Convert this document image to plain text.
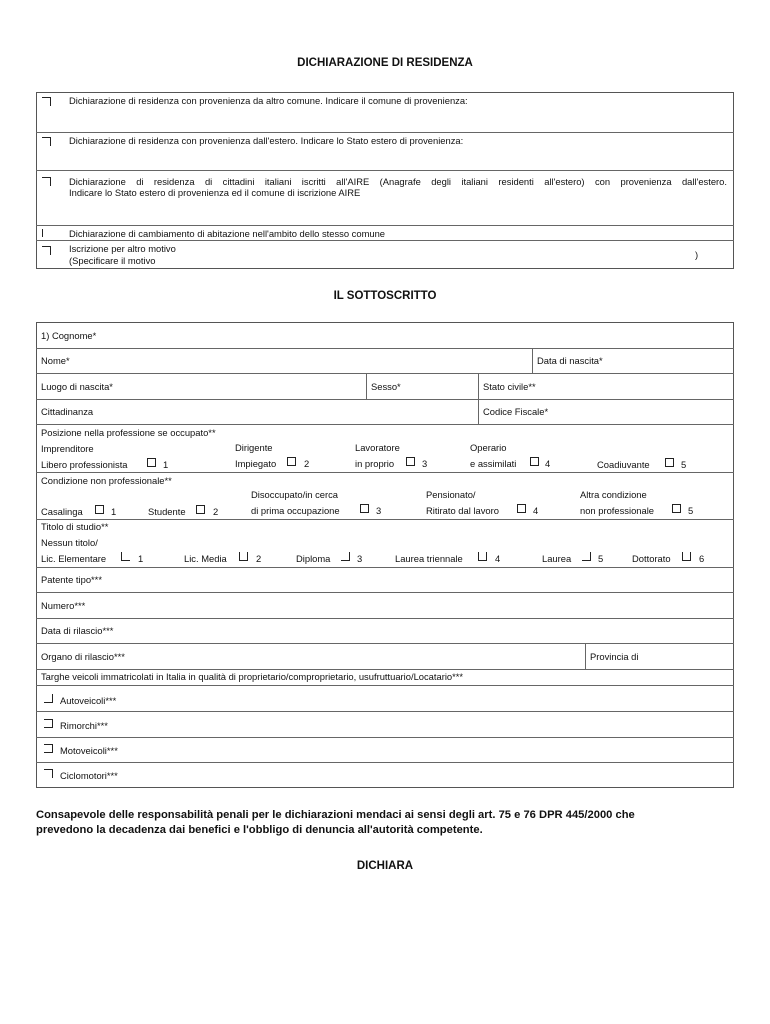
DICHIARAZIONE DI RESIDENZA
Dichiarazione di residenza con provenienza da altro comune. Indicare il comune di provenienza:
Dichiarazione di residenza con provenienza dall'estero. Indicare lo Stato estero di provenienza:
Dichiarazione di residenza di cittadini italiani iscritti all'AIRE (Anagrafe degli italiani residenti all'estero) con provenienza dall'estero.
Indicare lo Stato estero di provenienza ed il comune di iscrizione AIRE
Dichiarazione di cambiamento di abitazione nell'ambito dello stesso comune
Iscrizione per altro motivo
(Specificare il motivo
)
IL SOTTOSCRITTO
1) Cognome*
Nome*	Data di nascita*
Luogo di nascita*	Sesso*	Stato civile**
Cittadinanza	Codice Fiscale*
Posizione nella professione se occupato**
Imprenditore
Libero professionista	1
Dirigente
Impiegato	2
Lavoratore
in proprio	3
Operario
e assimilati	4	Coadiuvante	5
Condizione non professionale**
Casalinga	1	Studente	2
Disoccupato/in cerca
di prima occupazione	3
Pensionato/
Ritirato dal lavoro	4
Altra condizione
non professionale	5
Titolo di studio**
Nessun titolo/
Lic. Elementare	1	Lic. Media	2	Diploma	3	Laurea triennale	4	Laurea	5	Dottorato	6
Patente tipo***
Numero***
Data di rilascio***
Organo di rilascio***	Provincia di
Targhe veicoli immatricolati in Italia in qualità di proprietario/comproprietario, usufruttuario/Locatario***
Autoveicoli***
Rimorchi***
Motoveicoli***
Ciclomotori***
Consapevole delle responsabilità penali per le dichiarazioni mendaci ai sensi degli art. 75 e 76 DPR 445/2000 che
prevedono la decadenza dai benefici e l'obbligo di denuncia all'autorità competente.
DICHIARA
